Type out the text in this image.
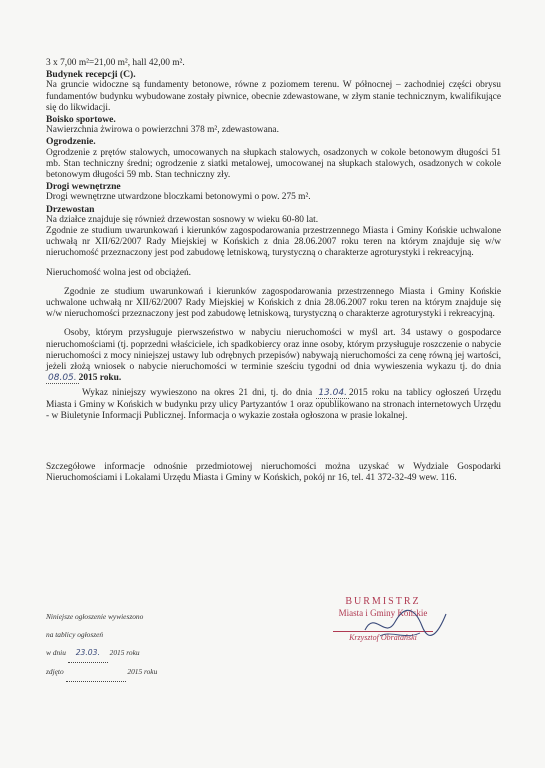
3 x 7,00 m²=21,00 m², hall 42,00 m².

Budynek recepcji (C).

Na gruncie widoczne są fundamenty betonowe, równe z poziomem terenu. W północnej – zachodniej części obrysu fundamentów budynku wybudowane zostały piwnice, obecnie zdewastowane, w złym stanie technicznym, kwalifikujące się do likwidacji.

Boisko sportowe.

Nawierzchnia żwirowa o powierzchni 378 m², zdewastowana.

Ogrodzenie.

Ogrodzenie z prętów stalowych, umocowanych na słupkach stalowych, osadzonych w cokole betonowym długości 51 mb. Stan techniczny średni; ogrodzenie z siatki metalowej, umocowanej na słupkach stalowych, osadzonych w cokole betonowym długości 59 mb. Stan techniczny zły.

Drogi wewnętrzne

Drogi wewnętrzne utwardzone bloczkami betonowymi o pow. 275 m².

Drzewostan

Na działce znajduje się również drzewostan sosnowy w wieku 60-80 lat.

Zgodnie ze studium uwarunkowań i kierunków zagospodarowania przestrzennego Miasta i Gminy Końskie uchwalone uchwałą nr XII/62/2007 Rady Miejskiej w Końskich z dnia 28.06.2007 roku teren na którym znajduje się w/w nieruchomość przeznaczony jest pod zabudowę letniskową, turystyczną o charakterze agroturystyki i rekreacyjną.

Nieruchomość wolna jest od obciążeń.

Zgodnie ze studium uwarunkowań i kierunków zagospodarowania przestrzennego Miasta i Gminy Końskie uchwalone uchwałą nr XII/62/2007 Rady Miejskiej w Końskich z dnia 28.06.2007 roku teren na którym znajduje się w/w nieruchomości przeznaczony jest pod zabudowę letniskową, turystyczną o charakterze agroturystyki i rekreacyjną.

Osoby, którym przysługuje pierwszeństwo w nabyciu nieruchomości w myśl art. 34 ustawy o gospodarce nieruchomościami (tj. poprzedni właściciele, ich spadkobiercy oraz inne osoby, którym przysługuje roszczenie o nabycie nieruchomości z mocy niniejszej ustawy lub odrębnych przepisów) nabywają nieruchomości za cenę równą jej wartości, jeżeli złożą wniosek o nabycie nieruchomości w terminie sześciu tygodni od dnia wywieszenia wykazu tj. do dnia 08.05. 2015 roku.

Wykaz niniejszy wywieszono na okres 21 dni, tj. do dnia 13.04. 2015 roku na tablicy ogłoszeń Urzędu Miasta i Gminy w Końskich w budynku przy ulicy Partyzantów 1 oraz opublikowano na stronach internetowych Urzędu - w Biuletynie Informacji Publicznej. Informacja o wykazie została ogłoszona w prasie lokalnej.

Szczegółowe informacje odnośnie przedmiotowej nieruchomości można uzyskać w Wydziale Gospodarki Nieruchomościami i Lokalami Urzędu Miasta i Gminy w Końskich, pokój nr 16, tel. 41 372-32-49 wew. 116.

Niniejsze ogłoszenie wywieszono
na tablicy ogłoszeń
w dniu 23.03. 2015 roku
zdjęto	2015 roku
BURMISTRZ
Miasta i Gminy Końskie
Krzysztof Obratański
